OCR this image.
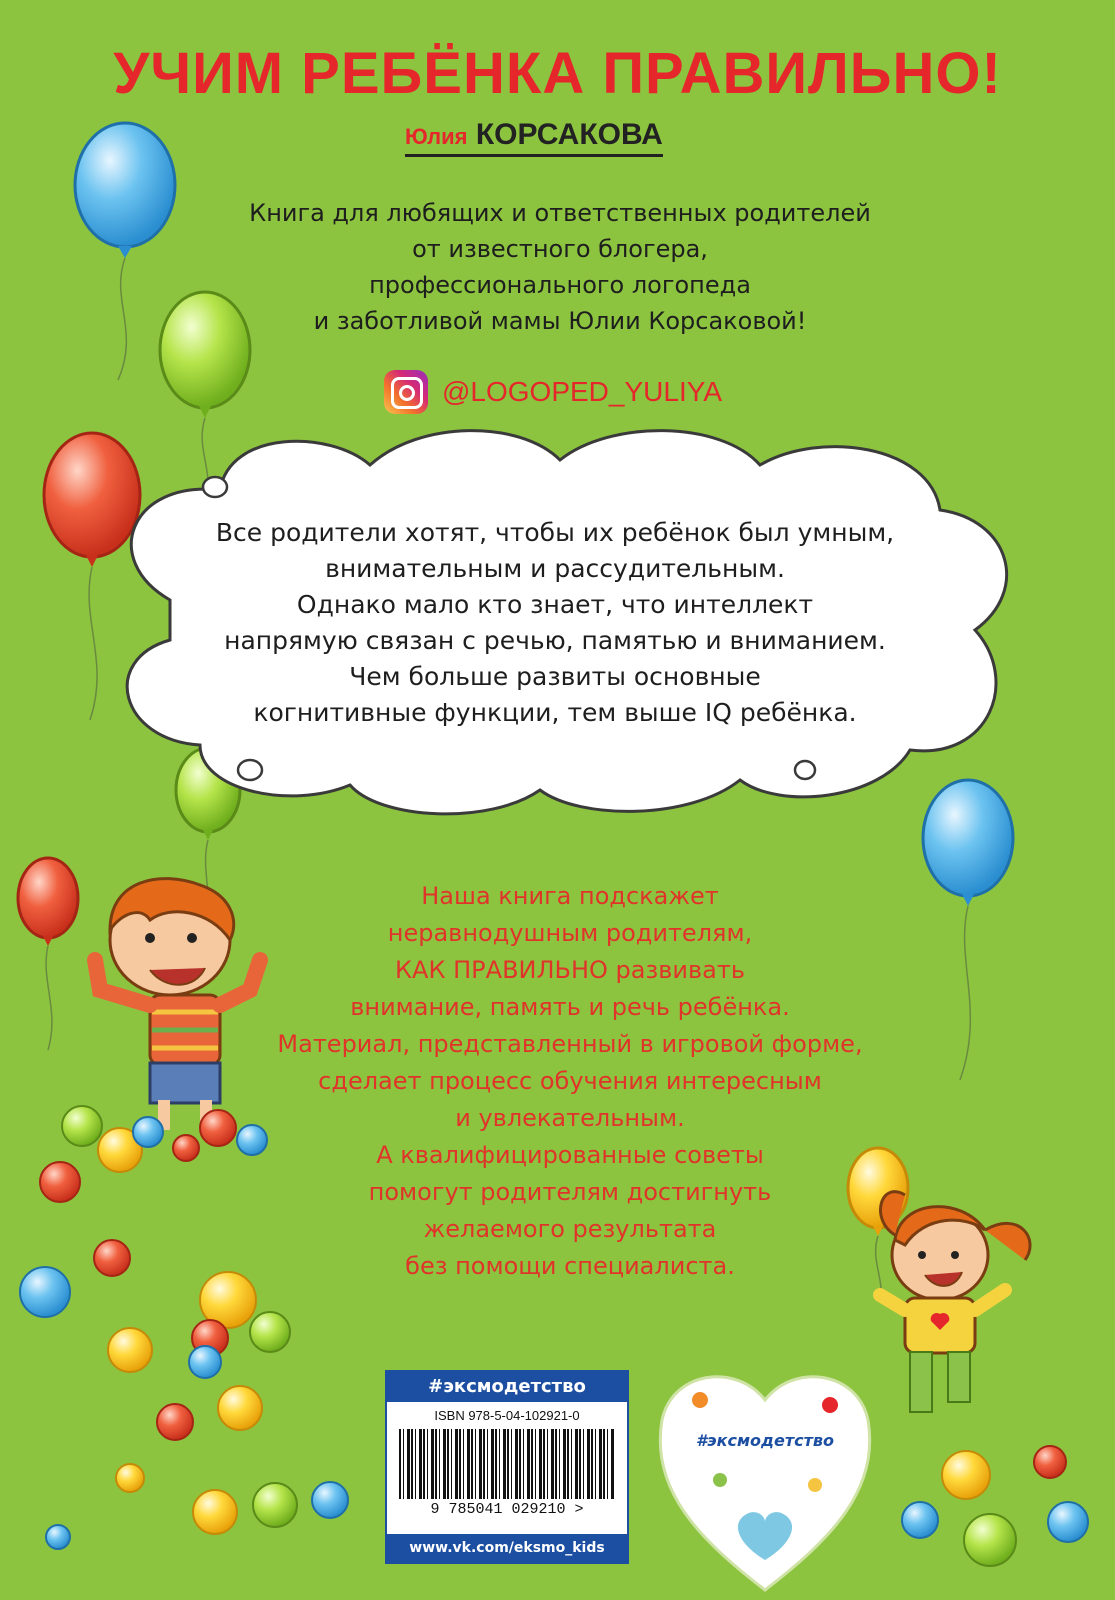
УЧИМ РЕБЁНКА ПРАВИЛЬНО!
Юлия КОРСАКОВА
Книга для любящих и ответственных родителей
от известного блогера,
профессионального логопеда
и заботливой мамы Юлии Корсаковой!
@LOGOPED_YULIYA
Все родители хотят, чтобы их ребёнок был умным,
внимательным и рассудительным.
Однако мало кто знает, что интеллект
напрямую связан с речью, памятью и вниманием.
Чем больше развиты основные
когнитивные функции, тем выше IQ ребёнка.
Наша книга подскажет
неравнодушным родителям,
КАК ПРАВИЛЬНО развивать
внимание, память и речь ребёнка.
Материал, представленный в игровой форме,
сделает процесс обучения интересным
и увлекательным.
А квалифицированные советы
помогут родителям достигнуть
желаемого результата
без помощи специалиста.
#эксмодетство
ISBN 978-5-04-102921-0
9 785041 029210 >
www.vk.com/eksmo_kids
#эксмодетство
